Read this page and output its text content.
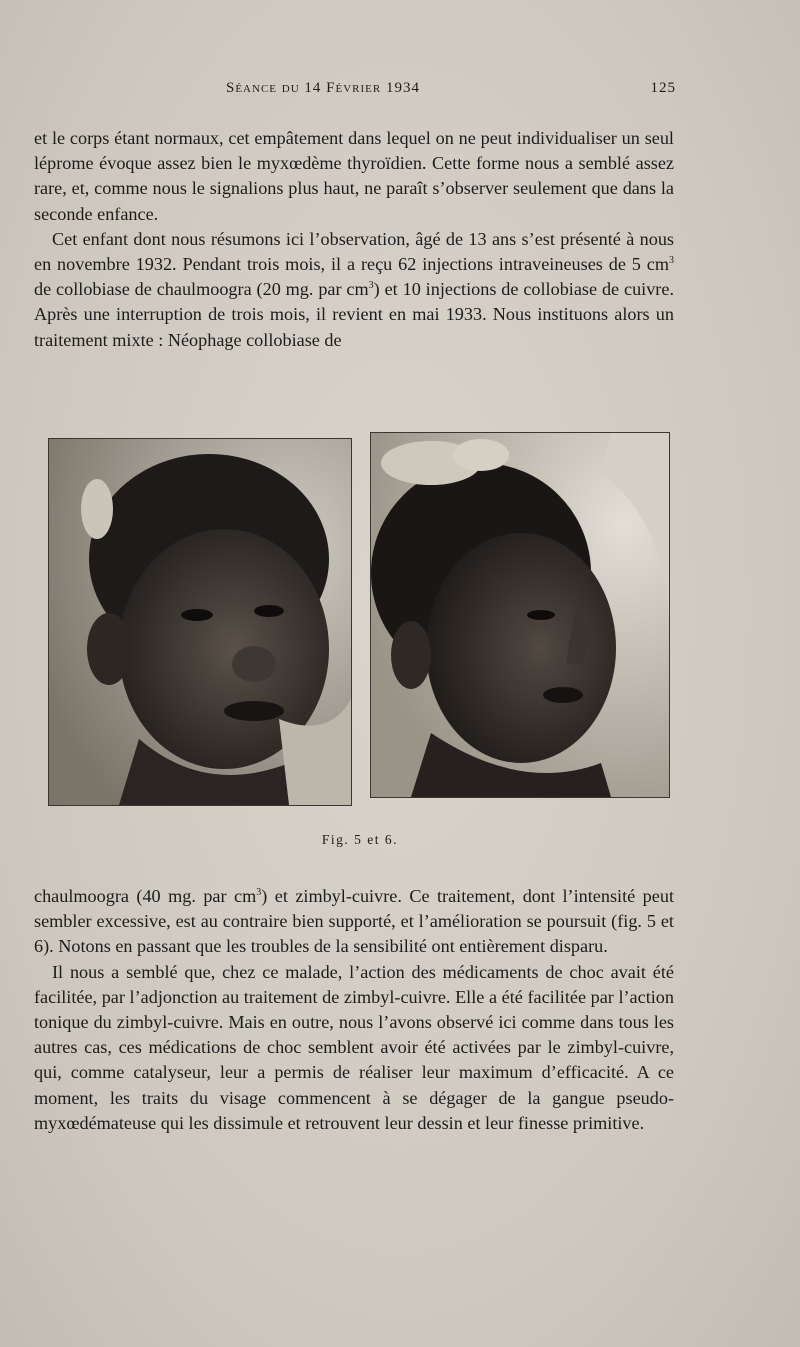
Séance du 14 Février 1934	125

et le corps étant normaux, cet empâtement dans lequel on ne peut individualiser un seul lépromе évoque assez bien le myxœdème thyroïdien. Cette forme nous a semblé assez rare, et, comme nous le signalions plus haut, ne paraît s’observer seulement que dans la seconde enfance.

Cet enfant dont nous résumons ici l’observation, âgé de 13 ans s’est présenté à nous en novembre 1932. Pendant trois mois, il a reçu 62 injections intraveineuses de 5 $cm^3$ de collobiase de chaulmoogra (20 mg. par $cm^3$) et 10 injections de collobiase de cuivre. Après une interruption de trois mois, il revient en mai 1933. Nous instituons alors un traitement mixte : Néophage collobiase de

Fig. 5 et 6.

chaulmoogra (40 mg. par $cm^3$) et zimbyl-cuivre. Ce traitement, dont l’intensité peut sembler excessive, est au contraire bien supporté, et l’amélioration se poursuit (fig. 5 et 6). Notons en passant que les troubles de la sensibilité ont entièrement disparu.

Il nous a semblé que, chez ce malade, l’action des médicaments de choc avait été facilitée, par l’adjonction au traitement de zimbyl-cuivre. Elle a été facilitée par l’action tonique du zimbyl-cuivre. Mais en outre, nous l’avons observé ici comme dans tous les autres cas, ces médications de choc semblent avoir été activées par le zimbyl-cuivre, qui, comme catalyseur, leur a permis de réaliser leur maximum d’efficacité. A ce moment, les traits du visage commencent à se dégager de la gangue pseudo-myxœdémateuse qui les dissimule et retrouvent leur dessin et leur finesse primitive.
